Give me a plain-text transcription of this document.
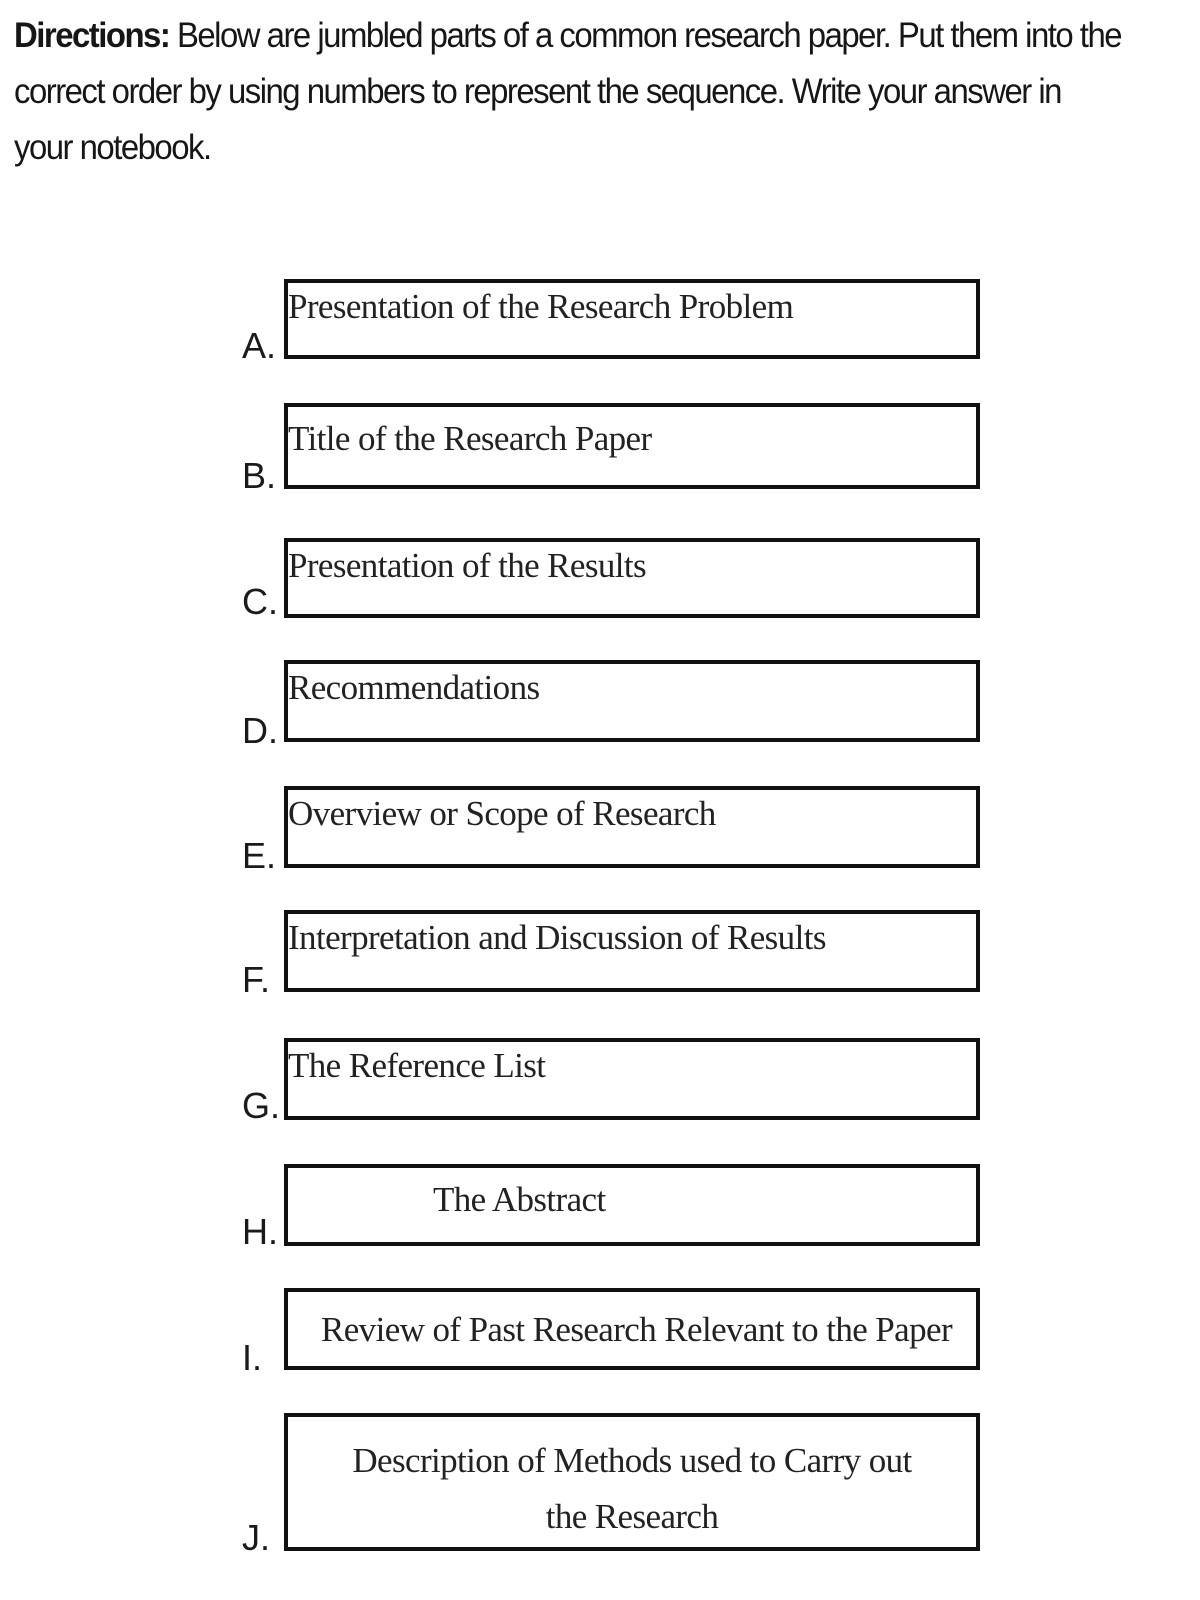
Directions: Below are jumbled parts of a common research paper. Put them into the correct order by using numbers to represent the sequence. Write your answer in your notebook.
A.
Presentation of the Research Problem
B.
Title of the Research Paper
C.
Presentation of the Results
D.
Recommendations
E.
Overview or Scope of Research
F.
Interpretation and Discussion of Results
G.
The Reference List
H.
The Abstract
I.
Review of Past Research Relevant to the Paper
J.
Description of Methods used to Carry out the Research
